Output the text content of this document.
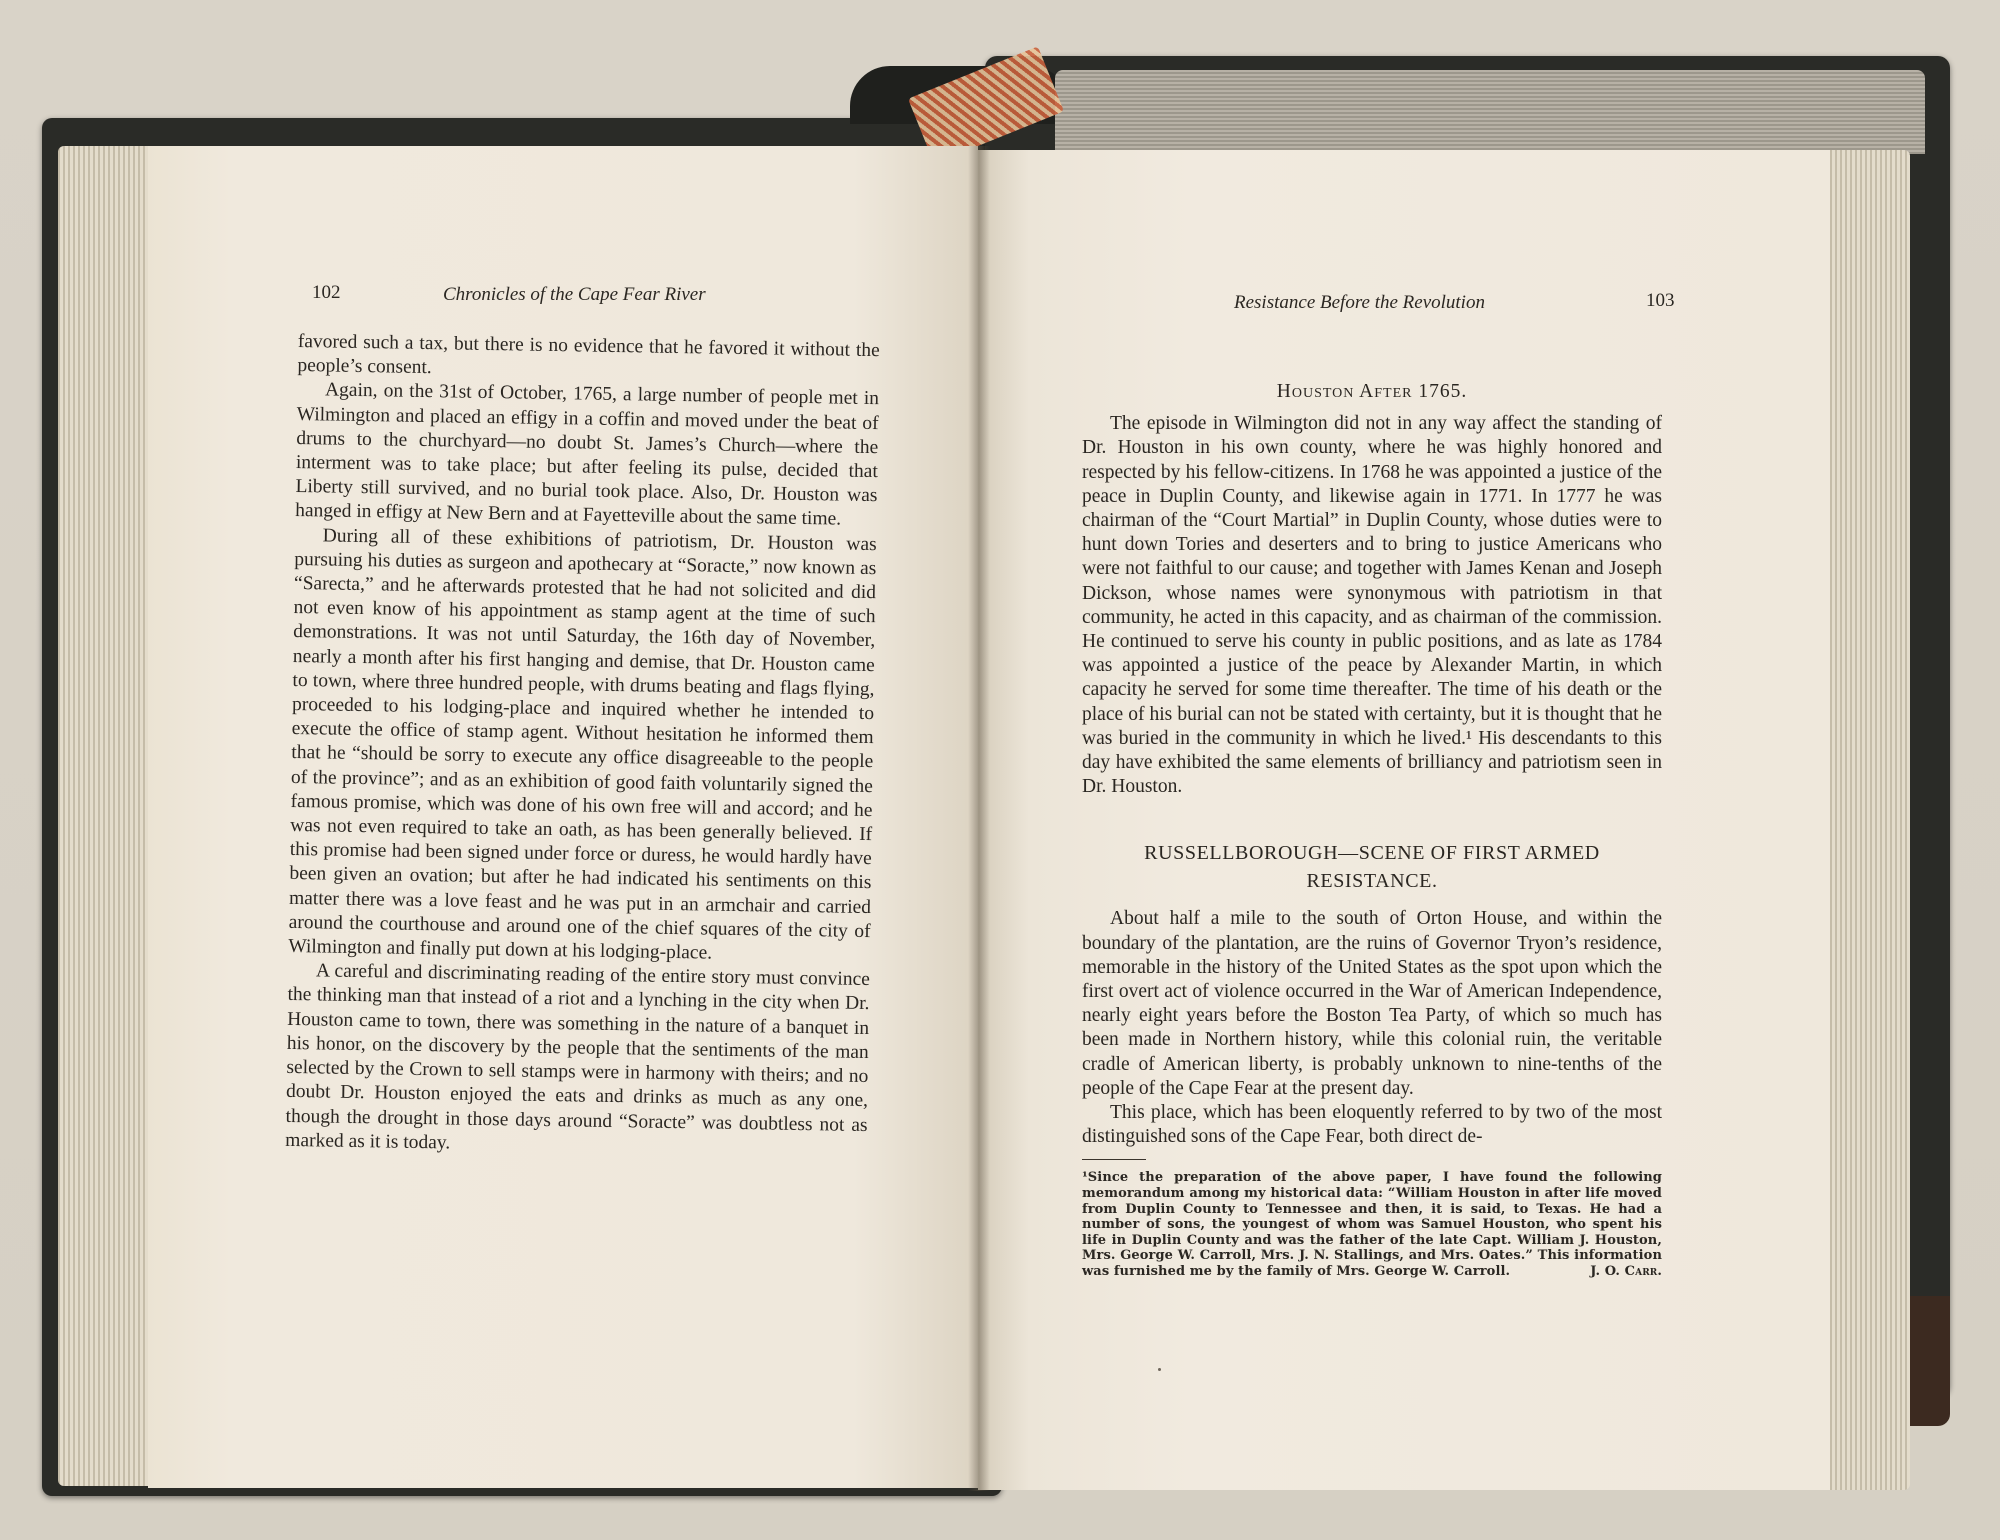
102	Chronicles of the Cape Fear River

favored such a tax, but there is no evidence that he favored it without the people’s consent.

Again, on the 31st of October, 1765, a large number of people met in Wilmington and placed an effigy in a coffin and moved under the beat of drums to the churchyard—no doubt St. James’s Church—where the interment was to take place; but after feeling its pulse, decided that Liberty still survived, and no burial took place. Also, Dr. Houston was hanged in effigy at New Bern and at Fayetteville about the same time.

During all of these exhibitions of patriotism, Dr. Houston was pursuing his duties as surgeon and apothecary at “Soracte,” now known as “Sarecta,” and he afterwards protested that he had not solicited and did not even know of his appointment as stamp agent at the time of such demonstrations. It was not until Saturday, the 16th day of November, nearly a month after his first hanging and demise, that Dr. Houston came to town, where three hundred people, with drums beating and flags flying, proceeded to his lodging-place and inquired whether he intended to execute the office of stamp agent. Without hesitation he informed them that he “should be sorry to execute any office disagreeable to the people of the province”; and as an exhibition of good faith voluntarily signed the famous promise, which was done of his own free will and accord; and he was not even required to take an oath, as has been generally believed. If this promise had been signed under force or duress, he would hardly have been given an ovation; but after he had indicated his sentiments on this matter there was a love feast and he was put in an armchair and carried around the courthouse and around one of the chief squares of the city of Wilmington and finally put down at his lodging-place.

A careful and discriminating reading of the entire story must convince the thinking man that instead of a riot and a lynching in the city when Dr. Houston came to town, there was something in the nature of a banquet in his honor, on the discovery by the people that the sentiments of the man selected by the Crown to sell stamps were in harmony with theirs; and no doubt Dr. Houston enjoyed the eats and drinks as much as any one, though the drought in those days around “Soracte” was doubtless not as marked as it is today.

Resistance Before the Revolution	103
Houston After 1765.

The episode in Wilmington did not in any way affect the standing of Dr. Houston in his own county, where he was highly honored and respected by his fellow-citizens. In 1768 he was appointed a justice of the peace in Duplin County, and likewise again in 1771. In 1777 he was chairman of the “Court Martial” in Duplin County, whose duties were to hunt down Tories and deserters and to bring to justice Americans who were not faithful to our cause; and together with James Kenan and Joseph Dickson, whose names were synonymous with patriotism in that community, he acted in this capacity, and as chairman of the commission. He continued to serve his county in public positions, and as late as 1784 was appointed a justice of the peace by Alexander Martin, in which capacity he served for some time thereafter. The time of his death or the place of his burial can not be stated with certainty, but it is thought that he was buried in the community in which he lived.¹ His descendants to this day have exhibited the same elements of brilliancy and patriotism seen in Dr. Houston.

RUSSELLBOROUGH—SCENE OF FIRST ARMED RESISTANCE.

About half a mile to the south of Orton House, and within the boundary of the plantation, are the ruins of Governor Tryon’s residence, memorable in the history of the United States as the spot upon which the first overt act of violence occurred in the War of American Independence, nearly eight years before the Boston Tea Party, of which so much has been made in Northern history, while this colonial ruin, the veritable cradle of American liberty, is probably unknown to nine-tenths of the people of the Cape Fear at the present day.

This place, which has been eloquently referred to by two of the most distinguished sons of the Cape Fear, both direct de-

¹Since the preparation of the above paper, I have found the following memorandum among my historical data: “William Houston in after life moved from Duplin County to Tennessee and then, it is said, to Texas. He had a number of sons, the youngest of whom was Samuel Houston, who spent his life in Duplin County and was the father of the late Capt. William J. Houston, Mrs. George W. Carroll, Mrs. J. N. Stallings, and Mrs. Oates.” This information was furnished me by the family of Mrs. George W. Carroll.	J. O. Carr.
